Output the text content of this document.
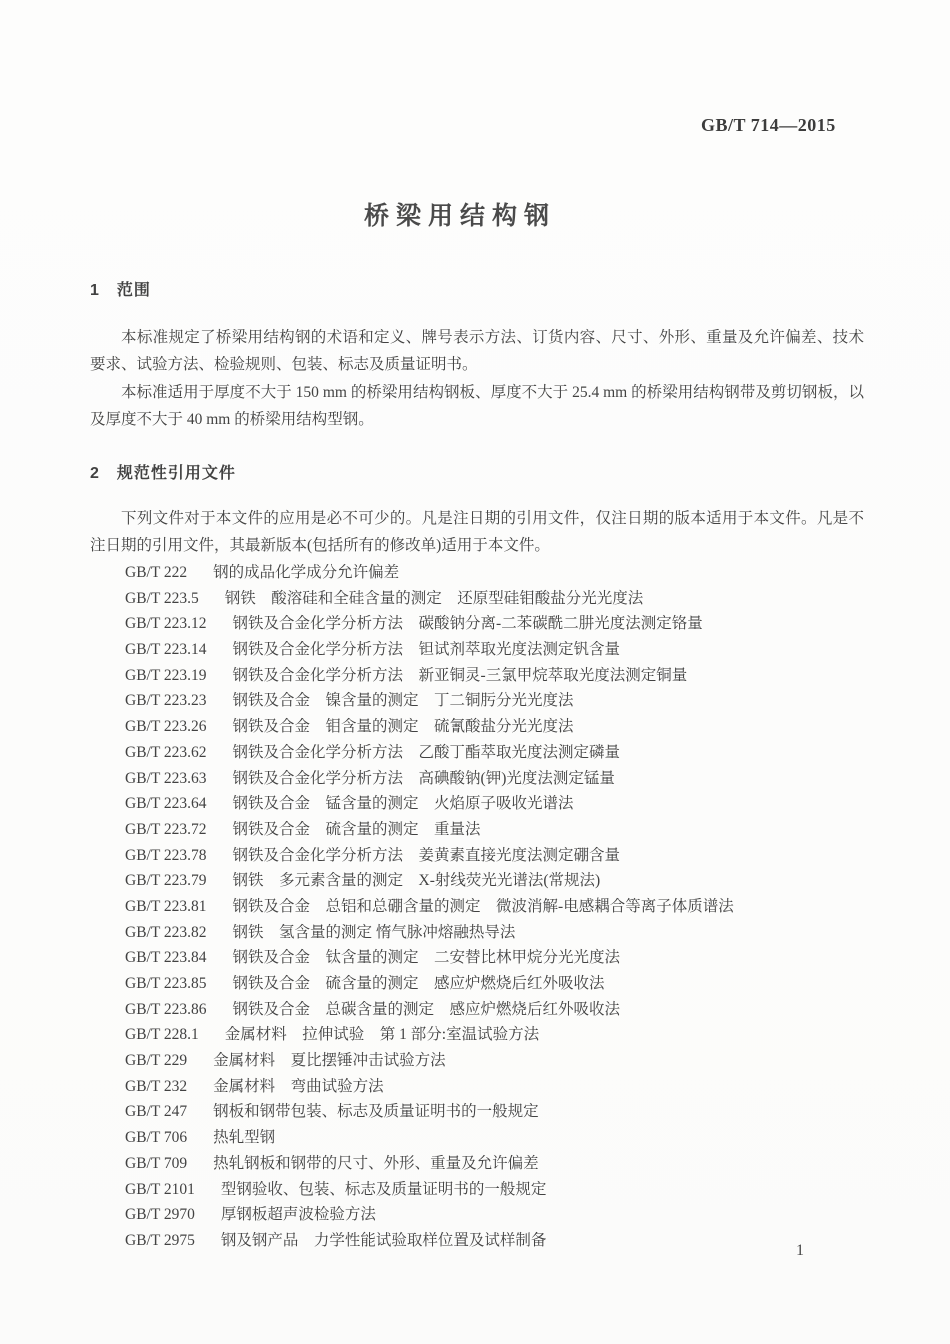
GB/T 714—2015
桥梁用结构钢
1　范围

本标准规定了桥梁用结构钢的术语和定义、牌号表示方法、订货内容、尺寸、外形、重量及允许偏差、技术要求、试验方法、检验规则、包装、标志及质量证明书。

本标准适用于厚度不大于 150 mm 的桥梁用结构钢板、厚度不大于 25.4 mm 的桥梁用结构钢带及剪切钢板，以及厚度不大于 40 mm 的桥梁用结构型钢。

2　规范性引用文件

下列文件对于本文件的应用是必不可少的。凡是注日期的引用文件，仅注日期的版本适用于本文件。凡是不注日期的引用文件，其最新版本(包括所有的修改单)适用于本文件。

GB/T 222 钢的成品化学成分允许偏差
GB/T 223.5 钢铁　酸溶硅和全硅含量的测定　还原型硅钼酸盐分光光度法
GB/T 223.12 钢铁及合金化学分析方法　碳酸钠分离-二苯碳酰二肼光度法测定铬量
GB/T 223.14 钢铁及合金化学分析方法　钽试剂萃取光度法测定钒含量
GB/T 223.19 钢铁及合金化学分析方法　新亚铜灵-三氯甲烷萃取光度法测定铜量
GB/T 223.23 钢铁及合金　镍含量的测定　丁二铜肟分光光度法
GB/T 223.26 钢铁及合金　钼含量的测定　硫氰酸盐分光光度法
GB/T 223.62 钢铁及合金化学分析方法　乙酸丁酯萃取光度法测定磷量
GB/T 223.63 钢铁及合金化学分析方法　高碘酸钠(钾)光度法测定锰量
GB/T 223.64 钢铁及合金　锰含量的测定　火焰原子吸收光谱法
GB/T 223.72 钢铁及合金　硫含量的测定　重量法
GB/T 223.78 钢铁及合金化学分析方法　姜黄素直接光度法测定硼含量
GB/T 223.79 钢铁　多元素含量的测定　X-射线荧光光谱法(常规法)
GB/T 223.81 钢铁及合金　总铝和总硼含量的测定　微波消解-电感耦合等离子体质谱法
GB/T 223.82 钢铁　氢含量的测定 惰气脉冲熔融热导法
GB/T 223.84 钢铁及合金　钛含量的测定　二安替比林甲烷分光光度法
GB/T 223.85 钢铁及合金　硫含量的测定　感应炉燃烧后红外吸收法
GB/T 223.86 钢铁及合金　总碳含量的测定　感应炉燃烧后红外吸收法
GB/T 228.1 金属材料　拉伸试验　第 1 部分:室温试验方法
GB/T 229 金属材料　夏比摆锤冲击试验方法
GB/T 232 金属材料　弯曲试验方法
GB/T 247 钢板和钢带包装、标志及质量证明书的一般规定
GB/T 706 热轧型钢
GB/T 709 热轧钢板和钢带的尺寸、外形、重量及允许偏差
GB/T 2101 型钢验收、包装、标志及质量证明书的一般规定
GB/T 2970 厚钢板超声波检验方法
GB/T 2975 钢及钢产品　力学性能试验取样位置及试样制备
1
